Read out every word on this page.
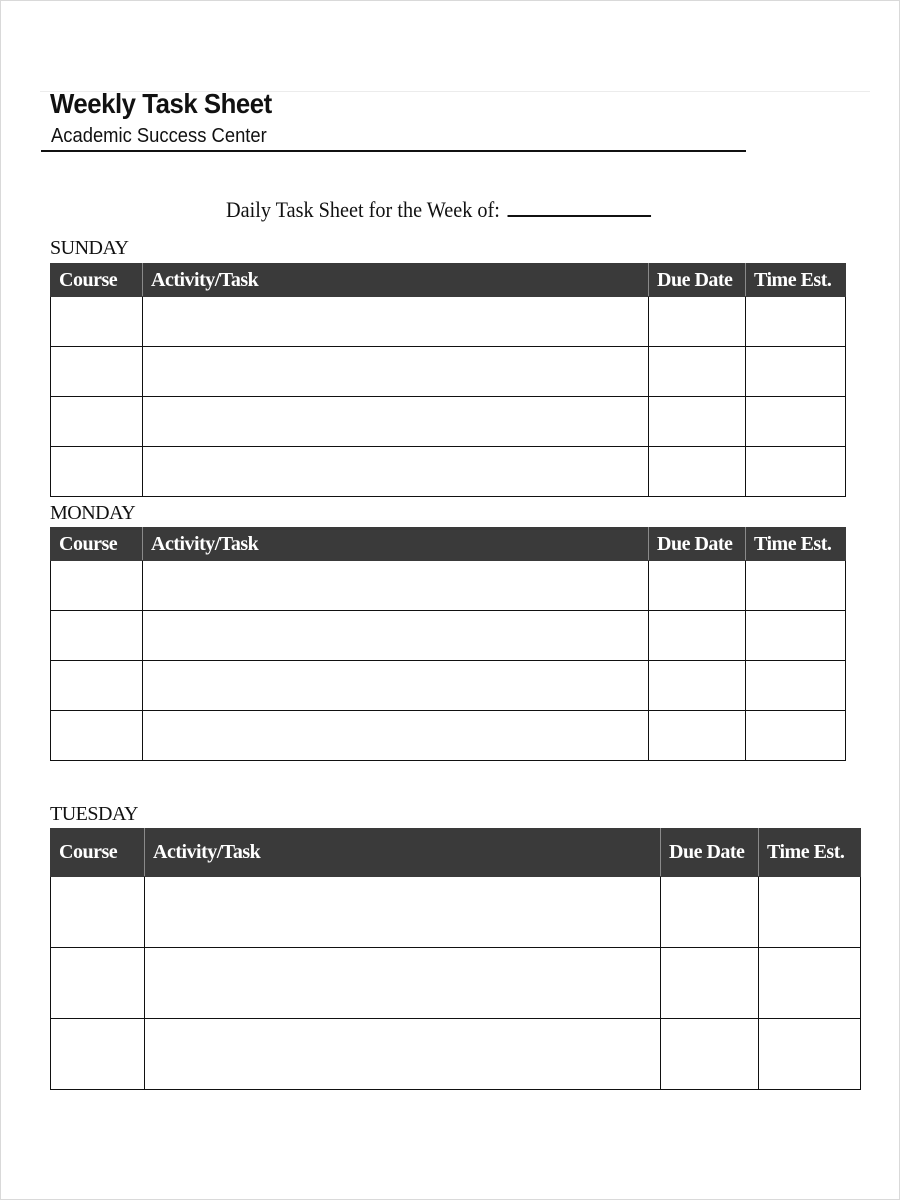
Weekly Task Sheet
Academic Success Center
Daily Task Sheet for the Week of:
SUNDAY
Course	Activity/Task	Due Date	Time Est.

MONDAY
Course	Activity/Task	Due Date	Time Est.

TUESDAY
Course	Activity/Task	Due Date	Time Est.
